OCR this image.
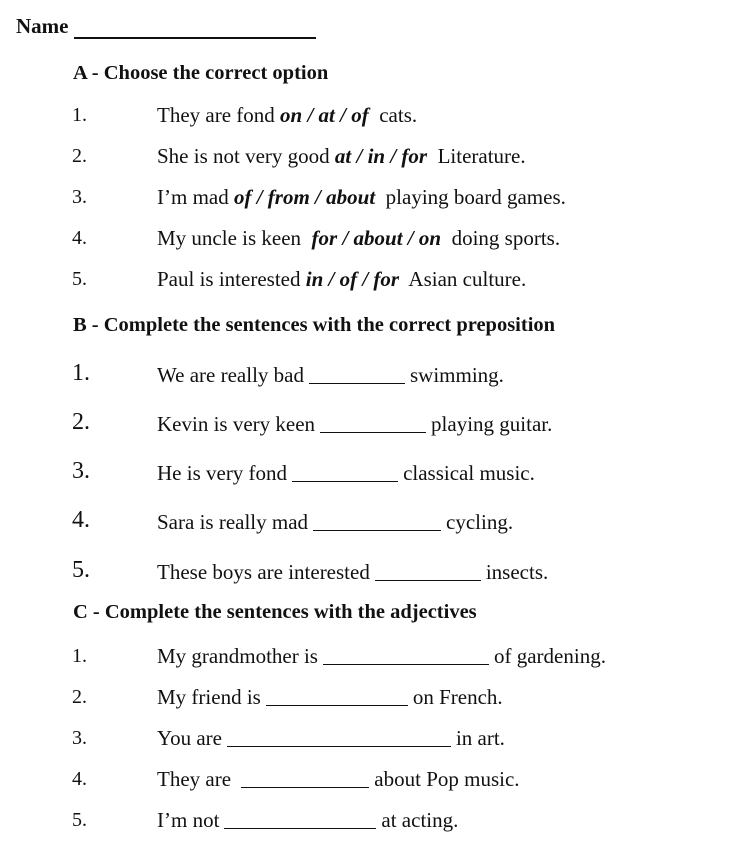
Name
A - Choose the correct option
1.	They are fond on / at / of cats.
2.	She is not very good at / in / for Literature.
3.	I’m mad of / from / about playing board games.
4.	My uncle is keen for / about / on doing sports.
5.	Paul is interested in / of / for Asian culture.
B - Complete the sentences with the correct preposition
1.	We are really bad	swimming.
2.	Kevin is very keen	playing guitar.
3.	He is very fond	classical music.
4.	Sara is really mad	cycling.
5.	These boys are interested	insects.
C - Complete the sentences with the adjectives
1.	My grandmother is	of gardening.
2.	My friend is	on French.
3.	You are	in art.
4.	They are	about Pop music.
5.	I’m not	at acting.
